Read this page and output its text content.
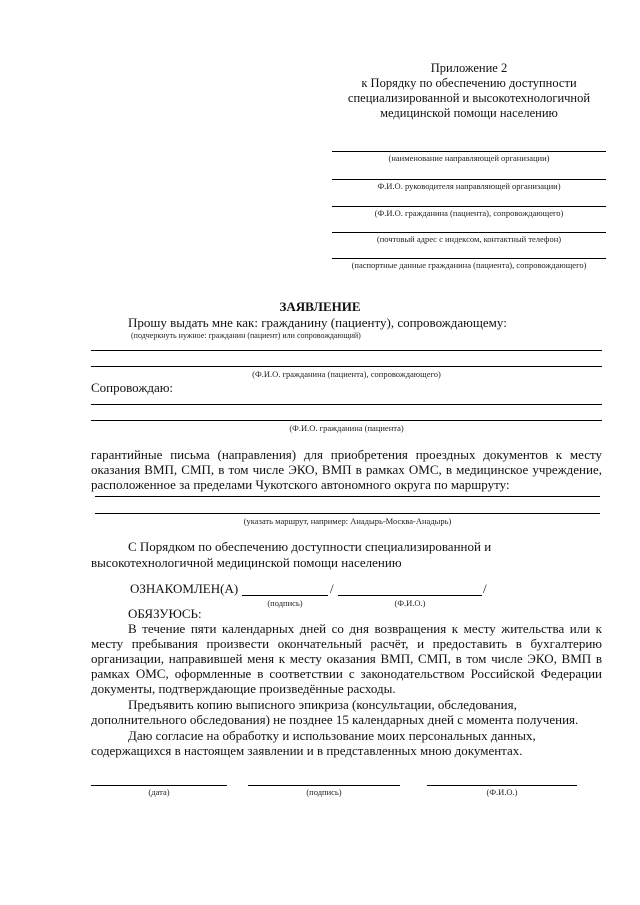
Приложение 2
к Порядку по обеспечению доступности
специализированной и высокотехнологичной
медицинской помощи населению
(наименование направляющей организации)
Ф.И.О. руководителя направляющей организации)
(Ф.И.О. гражданина (пациента), сопровождающего)
(почтовый адрес с индексом, контактный телефон)
(паспортные данные гражданина (пациента), сопровождающего)
ЗАЯВЛЕНИЕ
Прошу выдать мне как: гражданину (пациенту), сопровождающему:
(подчеркнуть нужное: гражданин (пациент) или сопровождающий)
(Ф.И.О. гражданина (пациента), сопровождающего)
Сопровождаю:
(Ф.И.О. гражданина (пациента)
гарантийные письма (направления) для приобретения проездных документов к месту
оказания ВМП, СМП, в том числе ЭКО, ВМП в рамках ОМС, в медицинское учреждение,
расположенное за пределами Чукотского автономного округа по маршруту:
(указать маршрут, например: Анадырь-Москва-Анадырь)
С Порядком по обеспечению доступности специализированной и
высокотехнологичной медицинской помощи населению
ОЗНАКОМЛЕН(А)	/	/
(подпись)	(Ф.И.О.)
ОБЯЗУЮСЬ:
В течение пяти календарных дней со дня возвращения к месту жительства или к
месту пребывания произвести окончательный расчёт, и предоставить в бухгалтерию
организации, направившей меня к месту оказания ВМП, СМП, в том числе ЭКО, ВМП в
рамках ОМС, оформленные в соответствии с законодательством Российской Федерации
документы, подтверждающие произведённые расходы.
Предъявить копию выписного эпикриза (консультации, обследования,
дополнительного обследования) не позднее 15 календарных дней с момента получения.
Даю согласие на обработку и использование моих персональных данных,
содержащихся в настоящем заявлении и в представленных мною документах.
(дата)	(подпись)	(Ф.И.О.)
